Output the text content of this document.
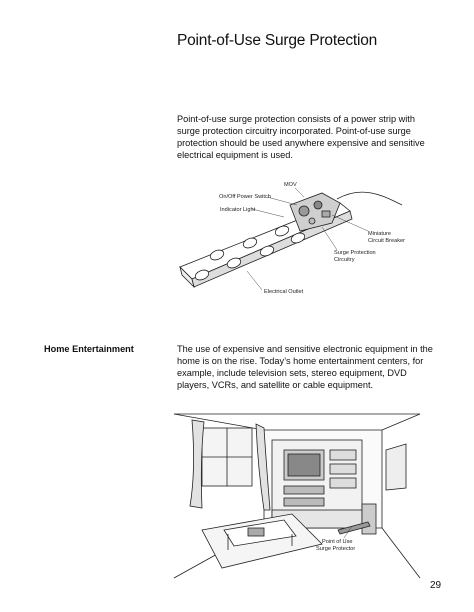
Point-of-Use Surge Protection
Point-of-use surge protection consists of a power strip with surge protection circuitry incorporated. Point-of-use surge protection should be used anywhere expensive and sensitive electrical equipment is used.
MOV
On/Off Power Switch
Indicator Light
Miniature
Circuit Breaker
Surge Protection
Circuitry
Electrical Outlet
Home Entertainment	The use of expensive and sensitive electronic equipment in the home is on the rise. Today’s home entertainment centers, for example, include television sets, stereo equipment, DVD players, VCRs, and satellite or cable equipment.
Point of Use
Surge Protector
29
